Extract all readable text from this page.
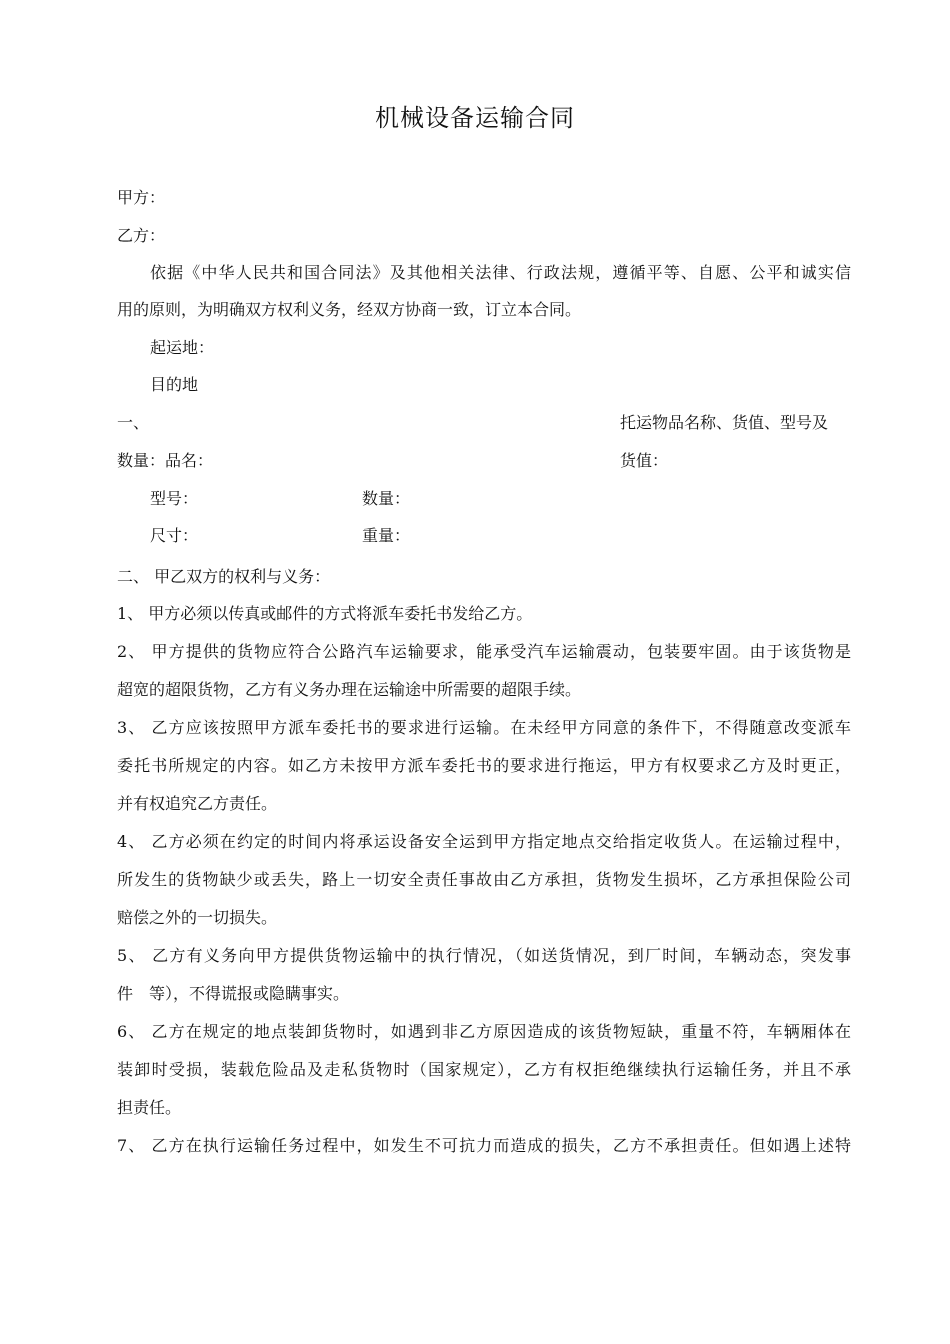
机械设备运输合同
甲方：
乙方：
依据《中华人民共和国合同法》及其他相关法律、行政法规，遵循平等、自愿、公平和诚实信
用的原则，为明确双方权利义务，经双方协商一致，订立本合同。
起运地：
目的地
一、	托运物品名称、货值、型号及
数量：品名：	货值：
型号：	数量：
尺寸：	重量：
二、 甲乙双方的权利与义务：
1、 甲方必须以传真或邮件的方式将派车委托书发给乙方。
2、 甲方提供的货物应符合公路汽车运输要求，能承受汽车运输震动，包装要牢固。由于该货物是
超宽的超限货物，乙方有义务办理在运输途中所需要的超限手续。
3、 乙方应该按照甲方派车委托书的要求进行运输。在未经甲方同意的条件下，不得随意改变派车
委托书所规定的内容。如乙方未按甲方派车委托书的要求进行拖运，甲方有权要求乙方及时更正，
并有权追究乙方责任。
4、 乙方必须在约定的时间内将承运设备安全运到甲方指定地点交给指定收货人。在运输过程中，
所发生的货物缺少或丢失，路上一切安全责任事故由乙方承担，货物发生损坏，乙方承担保险公司
赔偿之外的一切损失。
5、 乙方有义务向甲方提供货物运输中的执行情况，（如送货情况，到厂时间，车辆动态，突发事
件　等），不得谎报或隐瞒事实。
6、 乙方在规定的地点装卸货物时，如遇到非乙方原因造成的该货物短缺，重量不符，车辆厢体在
装卸时受损，装载危险品及走私货物时（国家规定），乙方有权拒绝继续执行运输任务，并且不承
担责任。
7、 乙方在执行运输任务过程中，如发生不可抗力而造成的损失，乙方不承担责任。但如遇上述特
